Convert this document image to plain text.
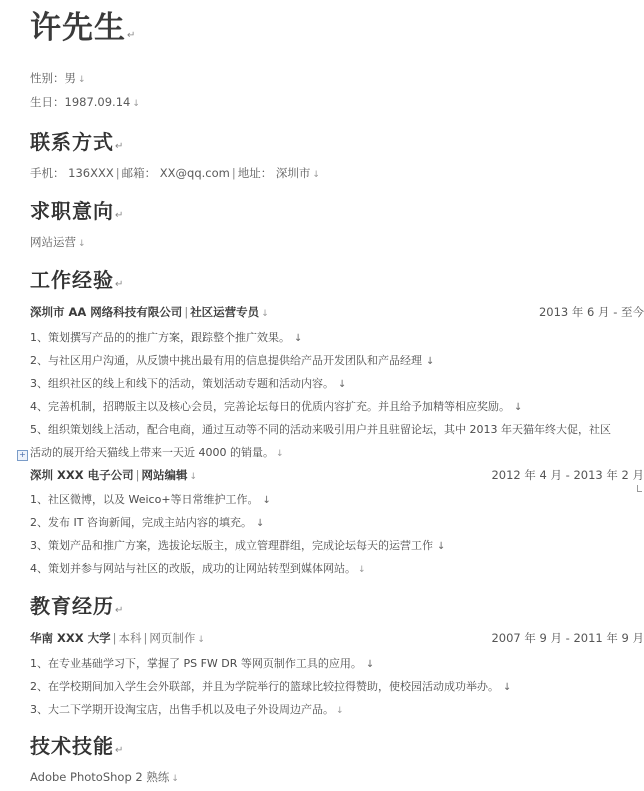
许先生↵
性别：男 ↓
生日：1987.09.14 ↓
联系方式↵
手机： 136XXX | 邮箱： XX@qq.com | 地址： 深圳市 ↓
求职意向↵
网站运营 ↓
工作经验↵
深圳市 AA 网络科技有限公司 | 社区运营专员 ↓	2013 年 6 月 - 至今
1、策划撰写产品的的推广方案，跟踪整个推广效果。 ↓
2、与社区用户沟通，从反馈中挑出最有用的信息提供给产品开发团队和产品经理 ↓
3、组织社区的线上和线下的活动，策划活动专题和活动内容。 ↓
4、完善机制，招聘版主以及核心会员，完善论坛每日的优质内容扩充。并且给予加精等相应奖励。 ↓
5、组织策划线上活动，配合电商，通过互动等不同的活动来吸引用户并且驻留论坛，其中 2013 年天猫年终大促，社区
活动的展开给天猫线上带来一天近 4000 的销量。 ↓
+
深圳 XXX 电子公司 | 网站编辑 ↓	2012 年 4 月 - 2013 年 2 月
1、社区微博，以及 Weico+等日常维护工作。 ↓
2、发布 IT 咨询新闻，完成主站内容的填充。 ↓
3、策划产品和推广方案，选拔论坛版主，成立管理群组，完成论坛每天的运营工作 ↓
4、策划并参与网站与社区的改版，成功的让网站转型到媒体网站。 ↓
教育经历↵
华南 XXX 大学 | 本科 | 网页制作 ↓	2007 年 9 月 - 2011 年 9 月
1、在专业基础学习下，掌握了 PS FW DR 等网页制作工具的应用。 ↓
2、在学校期间加入学生会外联部，并且为学院举行的篮球比较拉得赞助，使校园活动成功举办。 ↓
3、大二下学期开设淘宝店，出售手机以及电子外设周边产品。 ↓
技术技能↵
Adobe PhotoShop 2 熟练 ↓
